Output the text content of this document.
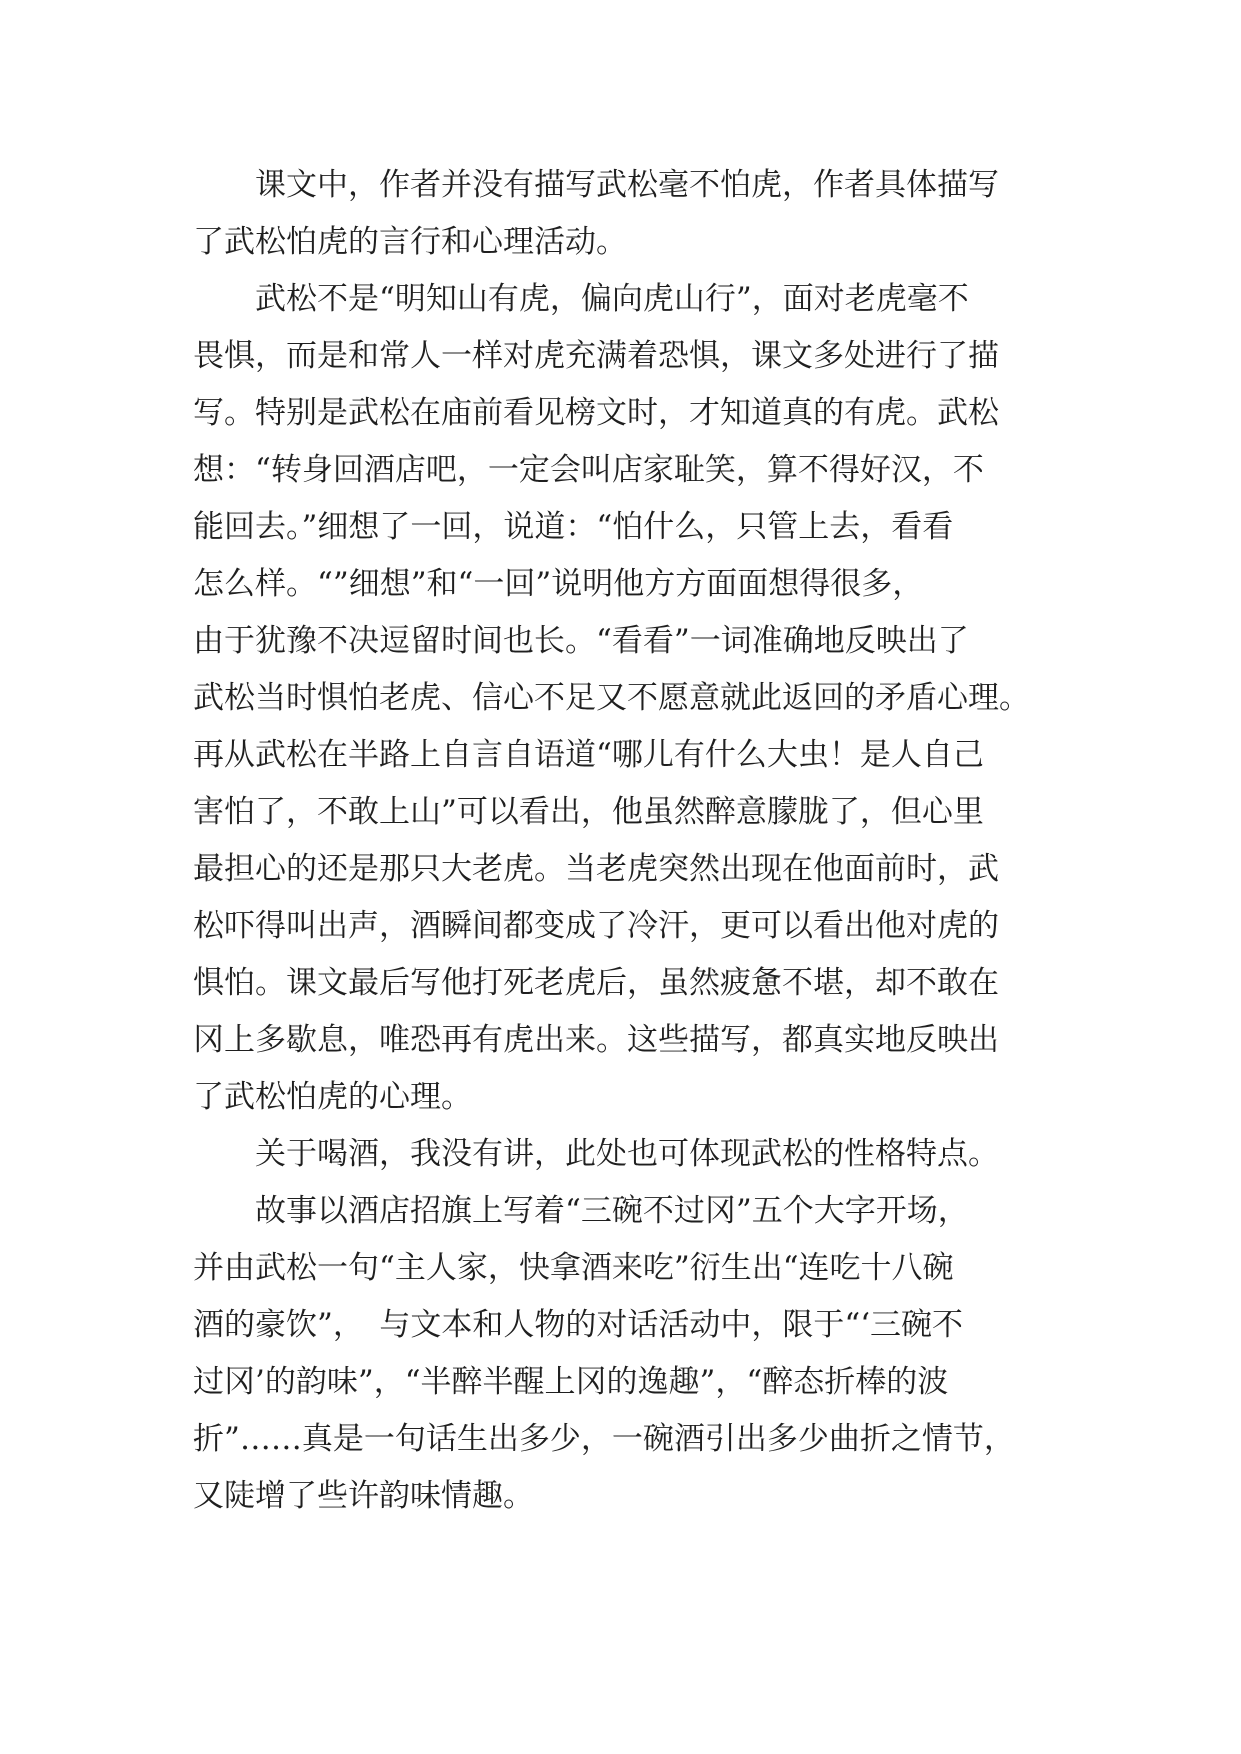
　　课文中，作者并没有描写武松毫不怕虎，作者具体描写

了武松怕虎的言行和心理活动。

　　武松不是“明知山有虎，偏向虎山行”，面对老虎毫不

畏惧，而是和常人一样对虎充满着恐惧，课文多处进行了描

写。特别是武松在庙前看见榜文时，才知道真的有虎。武松

想：“转身回酒店吧，一定会叫店家耻笑，算不得好汉，不

能回去。”细想了一回，说道：“怕什么，只管上去，看看

怎么样。“”细想”和“一回”说明他方方面面想得很多，

由于犹豫不决逗留时间也长。“看看”一词准确地反映出了

武松当时惧怕老虎、信心不足又不愿意就此返回的矛盾心理。

再从武松在半路上自言自语道“哪儿有什么大虫！是人自己

害怕了，不敢上山”可以看出，他虽然醉意朦胧了，但心里

最担心的还是那只大老虎。当老虎突然出现在他面前时，武

松吓得叫出声，酒瞬间都变成了冷汗，更可以看出他对虎的

惧怕。课文最后写他打死老虎后，虽然疲惫不堪，却不敢在

冈上多歇息，唯恐再有虎出来。这些描写，都真实地反映出

了武松怕虎的心理。

　　关于喝酒，我没有讲，此处也可体现武松的性格特点。

　　故事以酒店招旗上写着“三碗不过冈”五个大字开场，

并由武松一句“主人家，快拿酒来吃”衍生出“连吃十八碗

酒的豪饮”，　与文本和人物的对话活动中，限于“‘三碗不

过冈’的韵味”，“半醉半醒上冈的逸趣”，“醉态折棒的波

折”……真是一句话生出多少，一碗酒引出多少曲折之情节，

又陡增了些许韵味情趣。
